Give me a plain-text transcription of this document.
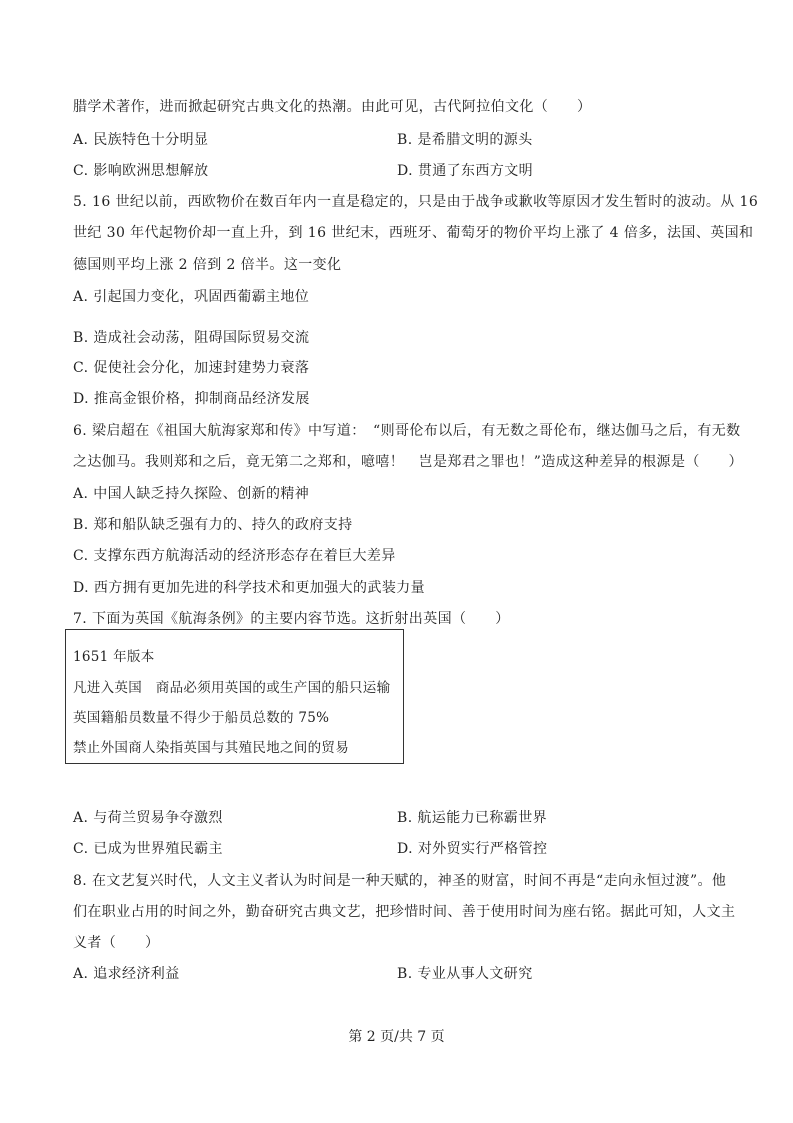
腊学术著作，进而掀起研究古典文化的热潮。由此可见，古代阿拉伯文化（　　）
A. 民族特色十分明显	B. 是希腊文明的源头
C. 影响欧洲思想解放	D. 贯通了东西方文明
5. 16 世纪以前，西欧物价在数百年内一直是稳定的，只是由于战争或歉收等原因才发生暂时的波动。从 16
世纪 30 年代起物价却一直上升，到 16 世纪末，西班牙、葡萄牙的物价平均上涨了 4 倍多，法国、英国和
德国则平均上涨 2 倍到 2 倍半。这一变化
A. 引起国力变化，巩固西葡霸主地位
B. 造成社会动荡，阻碍国际贸易交流
C. 促使社会分化，加速封建势力衰落
D. 推高金银价格，抑制商品经济发展
6. 梁启超在《祖国大航海家郑和传》中写道：　“则哥伦布以后，有无数之哥伦布，继达伽马之后，有无数
之达伽马。我则郑和之后，竟无第二之郑和，噫嘻！　岂是郑君之罪也！”造成这种差异的根源是（　　）
A. 中国人缺乏持久探险、创新的精神
B. 郑和船队缺乏强有力的、持久的政府支持
C. 支撑东西方航海活动的经济形态存在着巨大差异
D. 西方拥有更加先进的科学技术和更加强大的武装力量
7. 下面为英国《航海条例》的主要内容节选。这折射出英国（　　）
1651 年版本
凡进入英国　商品必须用英国的或生产国的船只运输
英国籍船员数量不得少于船员总数的 75%
禁止外国商人染指英国与其殖民地之间的贸易
A. 与荷兰贸易争夺激烈	B. 航运能力已称霸世界
C. 已成为世界殖民霸主	D. 对外贸实行严格管控
8. 在文艺复兴时代，人文主义者认为时间是一种天赋的，神圣的财富，时间不再是“走向永恒过渡”。他
们在职业占用的时间之外，勤奋研究古典文艺，把珍惜时间、善于使用时间为座右铭。据此可知，人文主
义者（　　）
A. 追求经济利益	B. 专业从事人文研究
第 2 页/共 7 页
